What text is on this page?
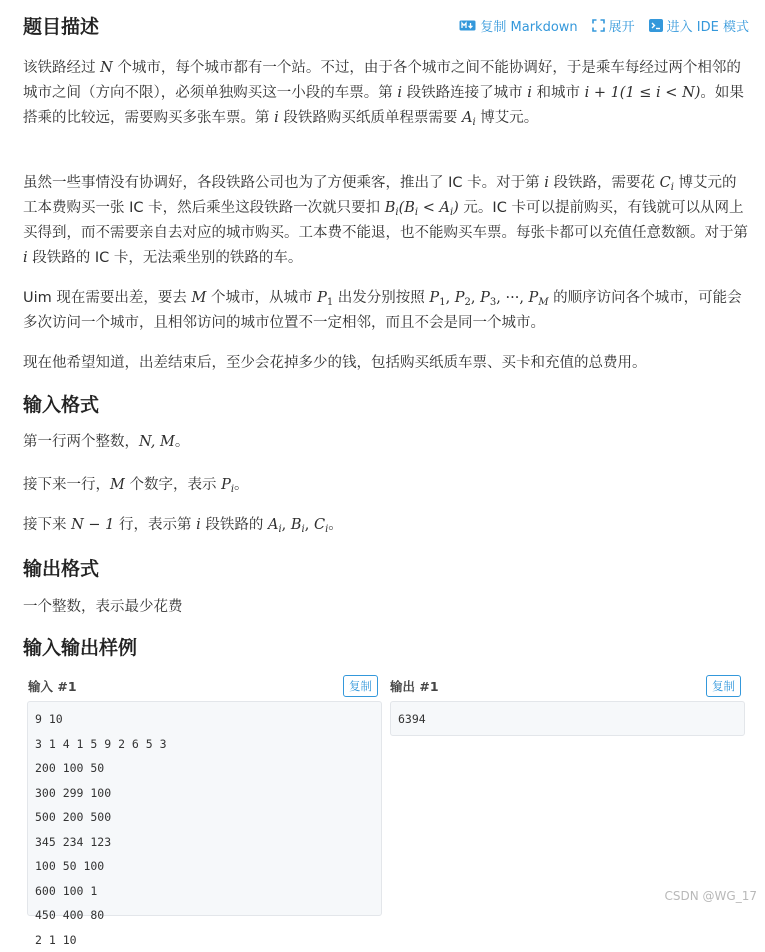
题目描述	复制 Markdown 展开 进入 IDE 模式

该铁路经过 N 个城市，每个城市都有一个站。不过，由于各个城市之间不能协调好，于是乘车每经过两个相邻的城市之间（方向不限），必须单独购买这一小段的车票。第 i 段铁路连接了城市 i 和城市 i + 1(1 ≤ i < N)。如果搭乘的比较远，需要购买多张车票。第 i 段铁路购买纸质单程票需要 $A_i$ 博艾元。

虽然一些事情没有协调好，各段铁路公司也为了方便乘客，推出了 IC 卡。对于第 i 段铁路，需要花 $C_i$ 博艾元的工本费购买一张 IC 卡，然后乘坐这段铁路一次就只要扣 $B_i(B_i < A_i)$ 元。IC 卡可以提前购买，有钱就可以从网上买得到，而不需要亲自去对应的城市购买。工本费不能退，也不能购买车票。每张卡都可以充值任意数额。对于第 i 段铁路的 IC 卡，无法乘坐别的铁路的车。

Uim 现在需要出差，要去 M 个城市，从城市 $P_1$ 出发分别按照 $P_1$, $P_2$, $P_3$, ···, $P_M$ 的顺序访问各个城市，可能会多次访问一个城市，且相邻访问的城市位置不一定相邻，而且不会是同一个城市。

现在他希望知道，出差结束后，至少会花掉多少的钱，包括购买纸质车票、买卡和充值的总费用。

输入格式

第一行两个整数，N, M。

接下来一行，M 个数字，表示 $P_i$。

接下来 N − 1 行，表示第 i 段铁路的 $A_i$, $B_i$, $C_i$。

输出格式

一个整数，表示最少花费

输入输出样例
输入 #1	复制
9 10
3 1 4 1 5 9 2 6 5 3
200 100 50
300 299 100
500 200 500
345 234 123
100 50 100
600 100 1
450 400 80
2 1 10
输出 #1	复制
6394
CSDN @WG_17
